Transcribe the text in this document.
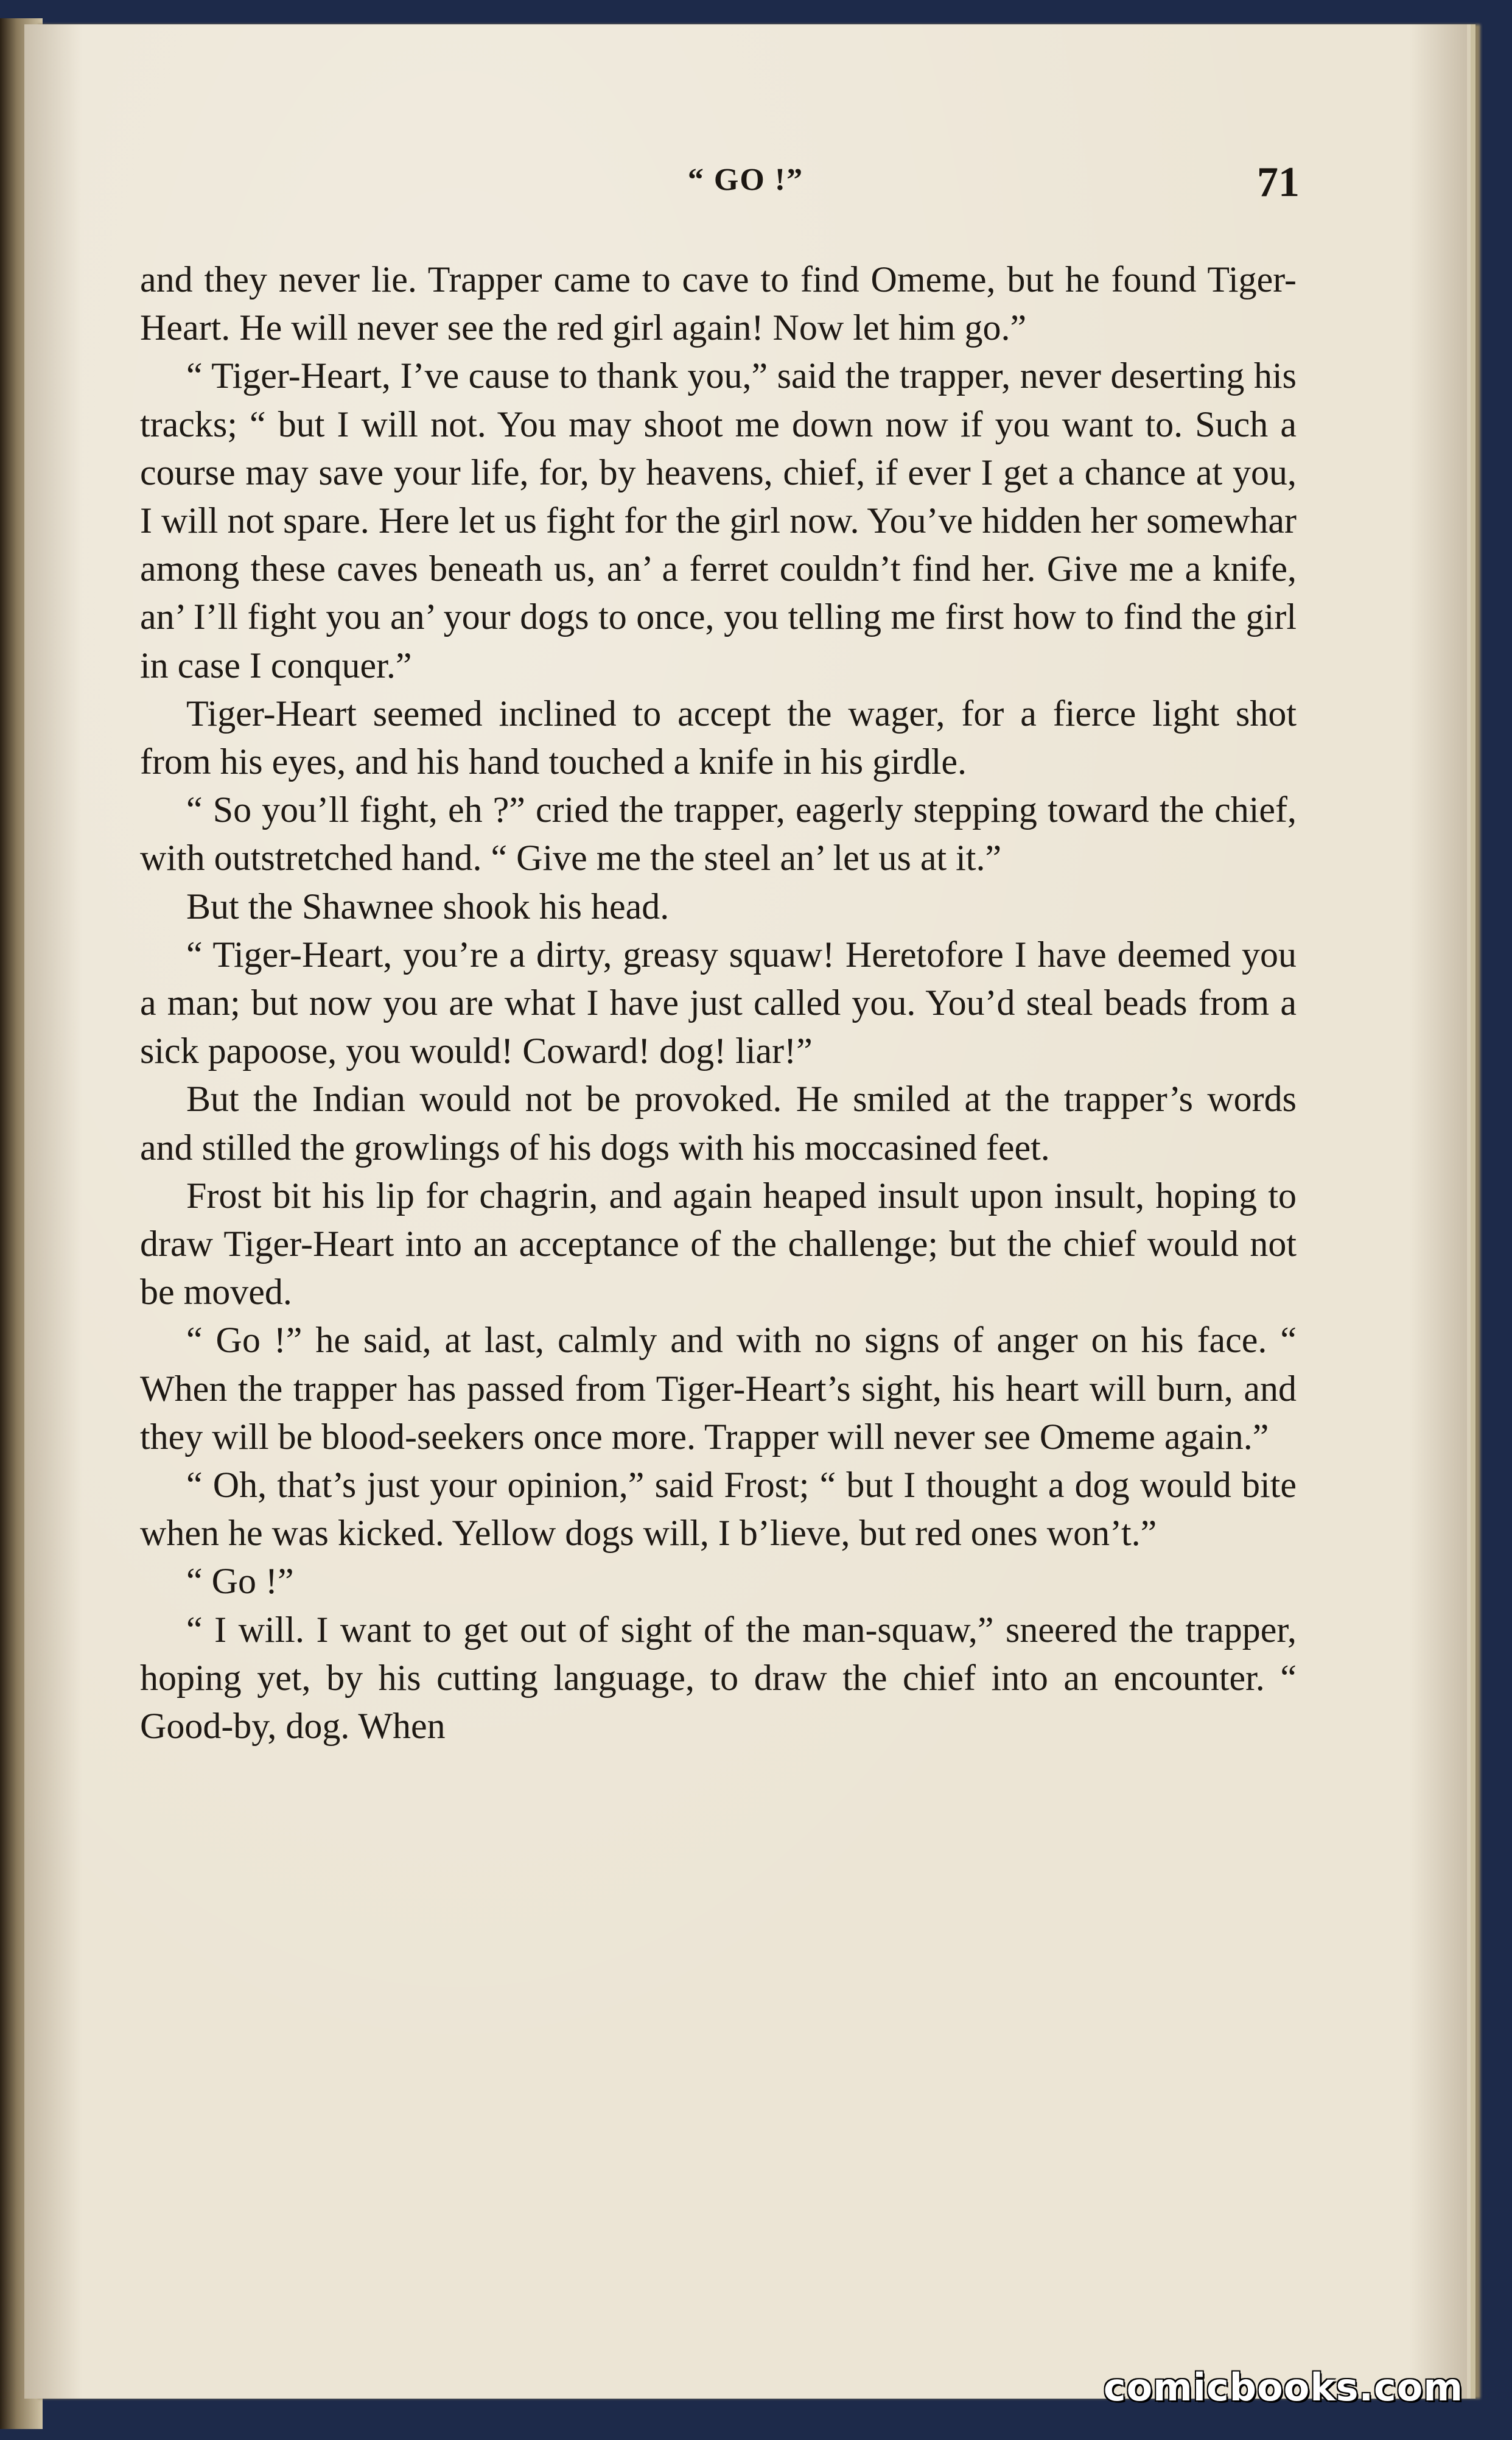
“ GO !”	71

and they never lie. Trapper came to cave to find Omeme, but he found Tiger-Heart. He will never see the red girl again! Now let him go.”

“ Tiger-Heart, I’ve cause to thank you,” said the trapper, never deserting his tracks; “ but I will not. You may shoot me down now if you want to. Such a course may save your life, for, by heavens, chief, if ever I get a chance at you, I will not spare. Here let us fight for the girl now. You’ve hidden her somewhar among these caves beneath us, an’ a ferret couldn’t find her. Give me a knife, an’ I’ll fight you an’ your dogs to once, you telling me first how to find the girl in case I conquer.”

Tiger-Heart seemed inclined to accept the wager, for a fierce light shot from his eyes, and his hand touched a knife in his girdle.

“ So you’ll fight, eh ?” cried the trapper, eagerly stepping toward the chief, with outstretched hand. “ Give me the steel an’ let us at it.”

But the Shawnee shook his head.

“ Tiger-Heart, you’re a dirty, greasy squaw! Heretofore I have deemed you a man; but now you are what I have just called you. You’d steal beads from a sick papoose, you would! Coward! dog! liar!”

But the Indian would not be provoked. He smiled at the trapper’s words and stilled the growlings of his dogs with his moccasined feet.

Frost bit his lip for chagrin, and again heaped insult upon insult, hoping to draw Tiger-Heart into an acceptance of the challenge; but the chief would not be moved.

“ Go !” he said, at last, calmly and with no signs of anger on his face. “ When the trapper has passed from Tiger-Heart’s sight, his heart will burn, and they will be blood-seekers once more. Trapper will never see Omeme again.”

“ Oh, that’s just your opinion,” said Frost; “ but I thought a dog would bite when he was kicked. Yellow dogs will, I b’lieve, but red ones won’t.”

“ Go !”

“ I will. I want to get out of sight of the man-squaw,” sneered the trapper, hoping yet, by his cutting language, to draw the chief into an encounter. “ Good-by, dog. When

comicbooks.com
